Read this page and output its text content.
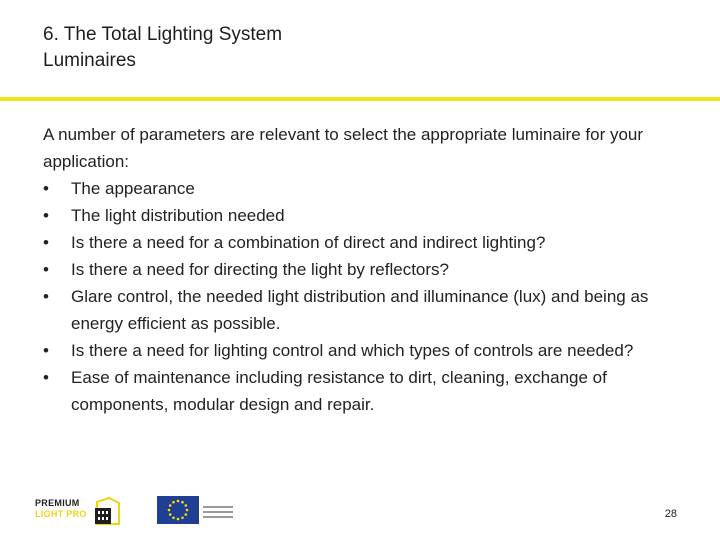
6. The Total Lighting System
Luminaires

A number of parameters are relevant to select the appropriate luminaire for your application:

• The appearance
• The light distribution needed
• Is there a need for a combination of direct and indirect lighting?
• Is there a need for directing the light by reflectors?
• Glare control, the needed light distribution and illuminance (lux) and being as energy efficient as possible.
• Is there a need for lighting control and which types of controls are needed?
• Ease of maintenance including resistance to dirt, cleaning, exchange of components, modular design and repair.
PREMIUM
LIGHT PRO	28
